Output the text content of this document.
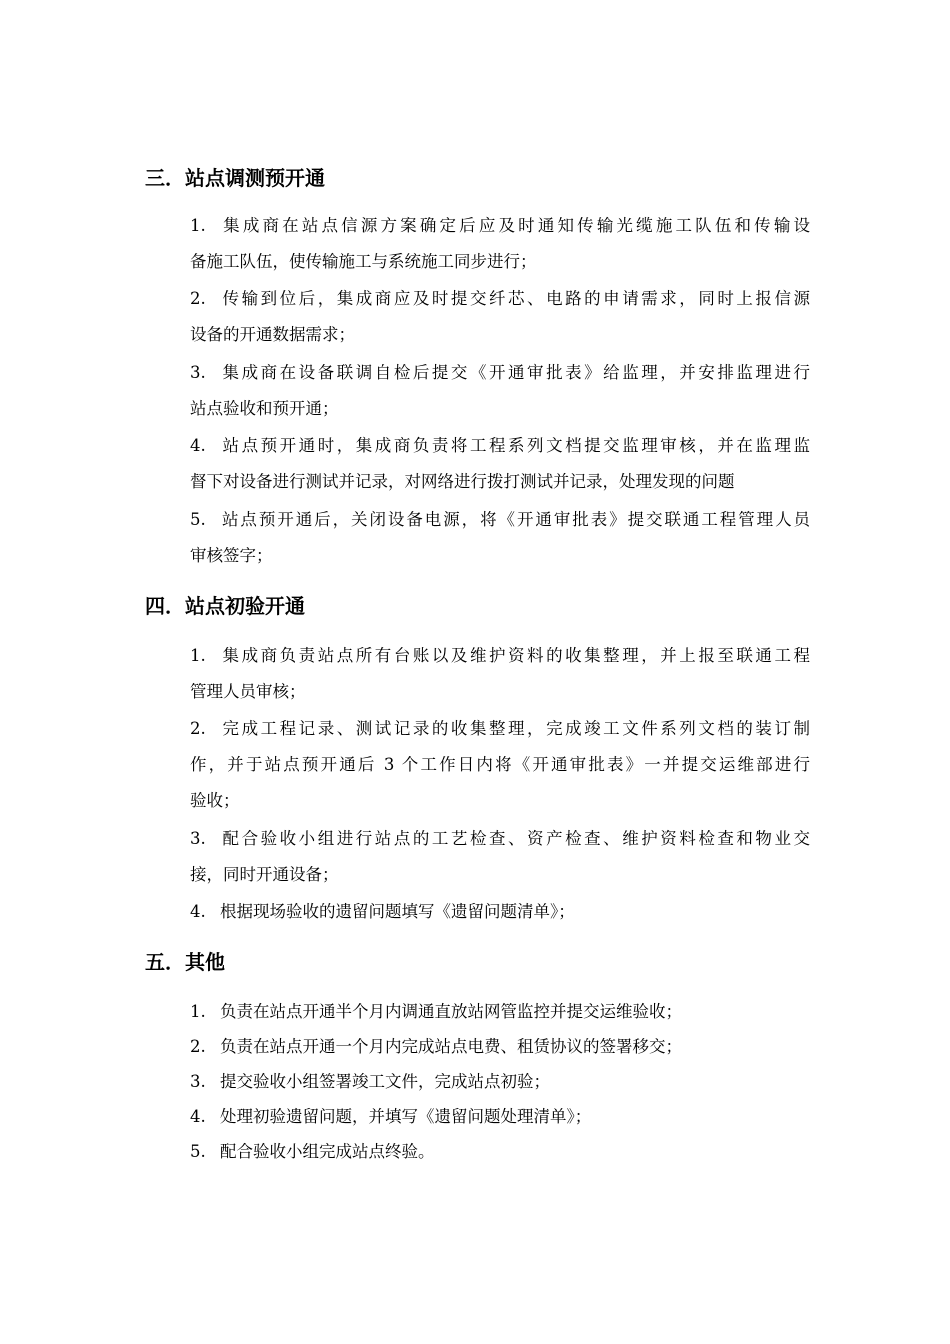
三．站点调测预开通
1. 集成商在站点信源方案确定后应及时通知传输光缆施工队伍和传输设
备施工队伍，使传输施工与系统施工同步进行；
2. 传输到位后，集成商应及时提交纤芯、电路的申请需求，同时上报信源
设备的开通数据需求；
3. 集成商在设备联调自检后提交《开通审批表》给监理，并安排监理进行
站点验收和预开通；
4. 站点预开通时，集成商负责将工程系列文档提交监理审核，并在监理监
督下对设备进行测试并记录，对网络进行拨打测试并记录，处理发现的问题
5. 站点预开通后，关闭设备电源，将《开通审批表》提交联通工程管理人员
审核签字；
四．站点初验开通
1. 集成商负责站点所有台账以及维护资料的收集整理，并上报至联通工程
管理人员审核；
2. 完成工程记录、测试记录的收集整理，完成竣工文件系列文档的装订制
作，并于站点预开通后 3 个工作日内将《开通审批表》一并提交运维部进行
验收；
3. 配合验收小组进行站点的工艺检查、资产检查、维护资料检查和物业交
接，同时开通设备；
4. 根据现场验收的遗留问题填写《遗留问题清单》；
五．其他
1. 负责在站点开通半个月内调通直放站网管监控并提交运维验收；
2. 负责在站点开通一个月内完成站点电费、租赁协议的签署移交；
3. 提交验收小组签署竣工文件，完成站点初验；
4. 处理初验遗留问题，并填写《遗留问题处理清单》；
5. 配合验收小组完成站点终验。
